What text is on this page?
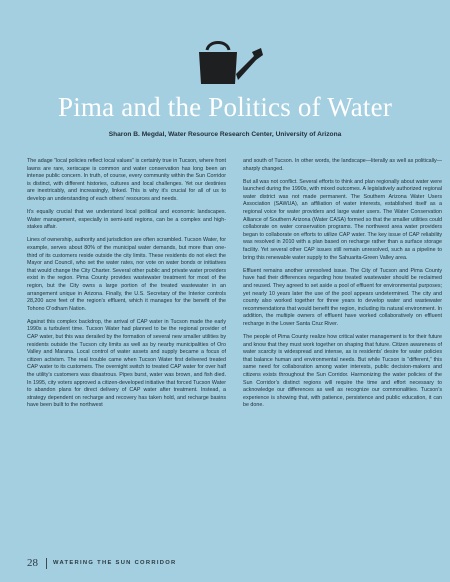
Pima and the Politics of Water
Sharon B. Megdal, Water Resource Research Center, University of Arizona

The adage “local policies reflect local values” is certainly true in Tucson, where front lawns are rare, xeriscape is common and water conservation has long been an intense public concern. In truth, of course, every community within the Sun Corridor is distinct, with different histories, cultures and local challenges. Yet our destinies are inextricably, and increasingly, linked. This is why it’s crucial for all of us to develop an understanding of each others’ resources and needs.

It’s equally crucial that we understand local political and economic landscapes. Water management, especially in semi-arid regions, can be a complex and high-stakes affair.

Lines of ownership, authority and jurisdiction are often scrambled. Tucson Water, for example, serves about 80% of the municipal water demands, but more than one-third of its customers reside outside the city limits. These residents do not elect the Mayor and Council, who set the water rates, nor vote on water bonds or initiatives that would change the City Charter. Several other public and private water providers exist in the region. Pima County provides wastewater treatment for most of the region, but the City owns a large portion of the treated wastewater in an arrangement unique in Arizona. Finally, the U.S. Secretary of the Interior controls 28,200 acre feet of the region’s effluent, which it manages for the benefit of the Tohono O’odham Nation.

Against this complex backdrop, the arrival of CAP water in Tucson made the early 1990s a turbulent time. Tucson Water had planned to be the regional provider of CAP water, but this was derailed by the formation of several new smaller utilities by residents outside the Tucson city limits as well as by nearby municipalities of Oro Valley and Marana. Local control of water assets and supply became a focus of citizen activism. The real trouble came when Tucson Water first delivered treated CAP water to its customers. The overnight switch to treated CAP water for over half the utility’s customers was disastrous. Pipes burst, water was brown, and fish died. In 1995, city voters approved a citizen-developed initiative that forced Tucson Water to abandon plans for direct delivery of CAP water after treatment. Instead, a strategy dependent on recharge and recovery has taken hold, and recharge basins have been built to the northwest

and south of Tucson. In other words, the landscape—literally as well as politically—sharply changed.

But all was not conflict. Several efforts to think and plan regionally about water were launched during the 1990s, with mixed outcomes. A legislatively authorized regional water district was not made permanent. The Southern Arizona Water Users Association (SAWUA), an affiliation of water interests, established itself as a regional voice for water providers and large water users. The Water Conservation Alliance of Southern Arizona (Water CASA) formed so that the smaller utilities could collaborate on water conservation programs. The northwest area water providers began to collaborate on efforts to utilize CAP water. The key issue of CAP reliability was resolved in 2010 with a plan based on recharge rather than a surface storage facility. Yet several other CAP issues still remain unresolved, such as a pipeline to bring this renewable water supply to the Sahuarita-Green Valley area.

Effluent remains another unresolved issue. The City of Tucson and Pima County have had their differences regarding how treated wastewater should be reclaimed and reused. They agreed to set aside a pool of effluent for environmental purposes; yet nearly 10 years later the use of the pool appears undetermined. The city and county also worked together for three years to develop water and wastewater recommendations that would benefit the region, including its natural environment. In addition, the multiple owners of effluent have worked collaboratively on effluent recharge in the Lower Santa Cruz River.

The people of Pima County realize how critical water management is for their future and know that they must work together on shaping that future. Citizen awareness of water scarcity is widespread and intense, as is residents’ desire for water policies that balance human and environmental needs. But while Tucson is “different,” this same need for collaboration among water interests, public decision-makers and citizens exists throughout the Sun Corridor. Harmonizing the water policies of the Sun Corridor’s distinct regions will require the time and effort necessary to acknowledge our differences as well as recognize our commonalities. Tucson’s experience is showing that, with patience, persistence and public education, it can be done.

28	WATERING THE SUN CORRIDOR
